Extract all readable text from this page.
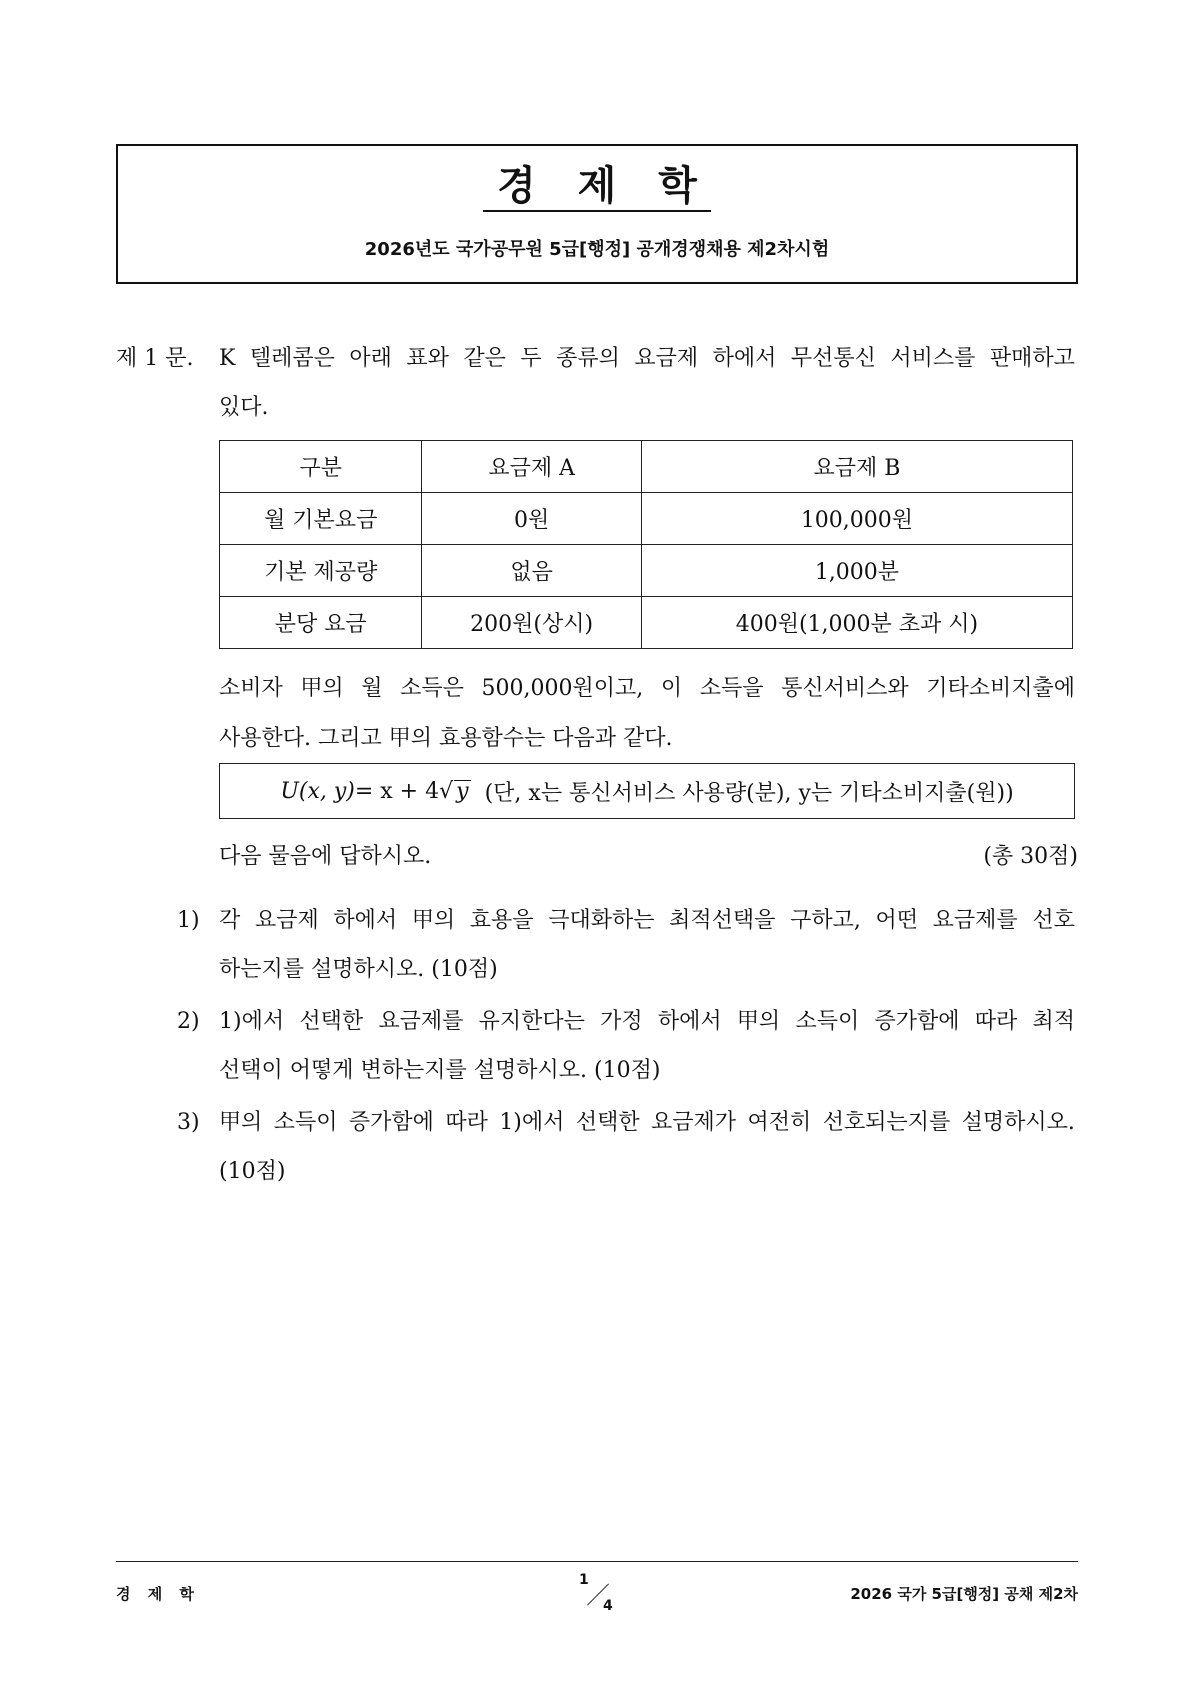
경 제 학
2026년도 국가공무원 5급[행정] 공개경쟁채용 제2차시험
제 1 문. K 텔레콤은 아래 표와 같은 두 종류의 요금제 하에서 무선통신 서비스를 판매하고
있다.
구분	요금제 A	요금제 B
월 기본요금	0원	100,000원
기본 제공량	없음	1,000분
분당 요금	200원(상시)	400원(1,000분 초과 시)
소비자 甲의 월 소득은 500,000원이고, 이 소득을 통신서비스와 기타소비지출에
사용한다. 그리고 甲의 효용함수는 다음과 같다.
U(x, y) = x + 4 √ y (단, x는 통신서비스 사용량(분), y는 기타소비지출(원))
다음 물음에 답하시오.	(총 30점)
1) 각 요금제 하에서 甲의 효용을 극대화하는 최적선택을 구하고, 어떤 요금제를 선호
하는지를 설명하시오. (10점)
2) 1)에서 선택한 요금제를 유지한다는 가정 하에서 甲의 소득이 증가함에 따라 최적
선택이 어떻게 변하는지를 설명하시오. (10점)
3) 甲의 소득이 증가함에 따라 1)에서 선택한 요금제가 여전히 선호되는지를 설명하시오.
(10점)
경 제 학
1
4
2026 국가 5급[행정] 공채 제2차
